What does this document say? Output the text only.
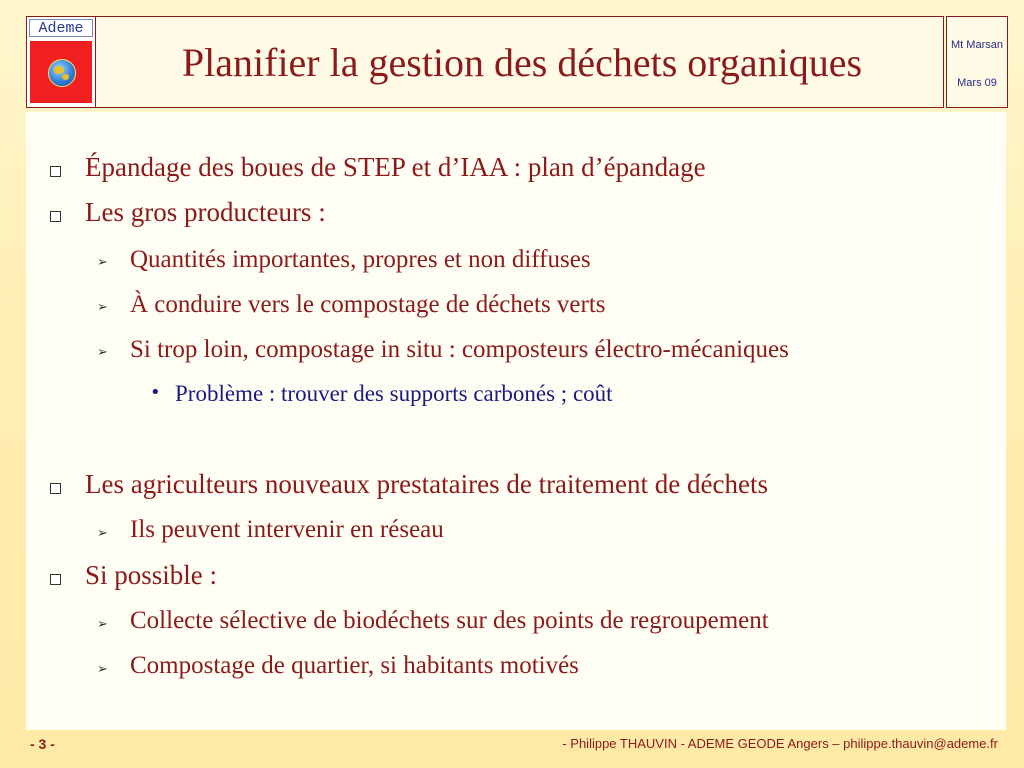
Ademe
Planifier la gestion des déchets organiques	Mt Marsan
Mars 09
Épandage des boues de STEP et d’IAA : plan d’épandage
Les gros producteurs :
➢ Quantités importantes, propres et non diffuses
➢ À conduire vers le compostage de déchets verts
➢ Si trop loin, compostage in situ : composteurs électro-mécaniques
• Problème : trouver des supports carbonés ; coût
Les agriculteurs nouveaux prestataires de traitement de déchets
➢ Ils peuvent intervenir en réseau
Si possible :
➢ Collecte sélective de biodéchets sur des points de regroupement
➢ Compostage de quartier, si habitants motivés
- 3 -	- Philippe THAUVIN - ADEME GEODE Angers – philippe.thauvin@ademe.fr
